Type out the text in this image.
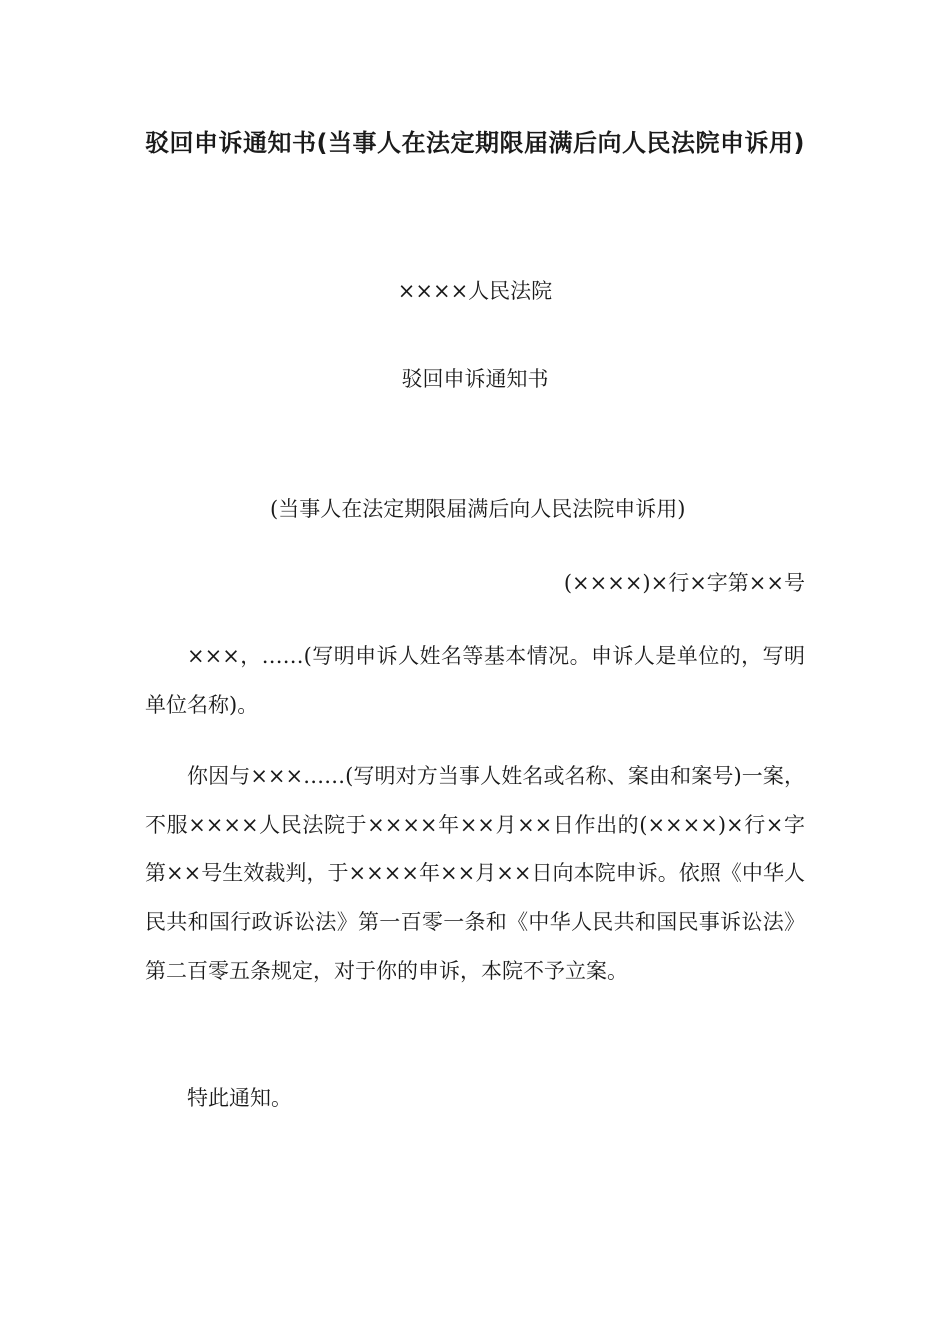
驳回申诉通知书(当事人在法定期限届满后向人民法院申诉用)
××××人民法院
驳回申诉通知书
(当事人在法定期限届满后向人民法院申诉用)
(××××)×行×字第××号

×××，……(写明申诉人姓名等基本情况。申诉人是单位的，写明单位名称)。

你因与×××……(写明对方当事人姓名或名称、案由和案号)一案，不服××××人民法院于××××年××月××日作出的(××××)×行×字第××号生效裁判，于××××年××月××日向本院申诉。依照《中华人民共和国行政诉讼法》第一百零一条和《中华人民共和国民事诉讼法》第二百零五条规定，对于你的申诉，本院不予立案。

特此通知。
